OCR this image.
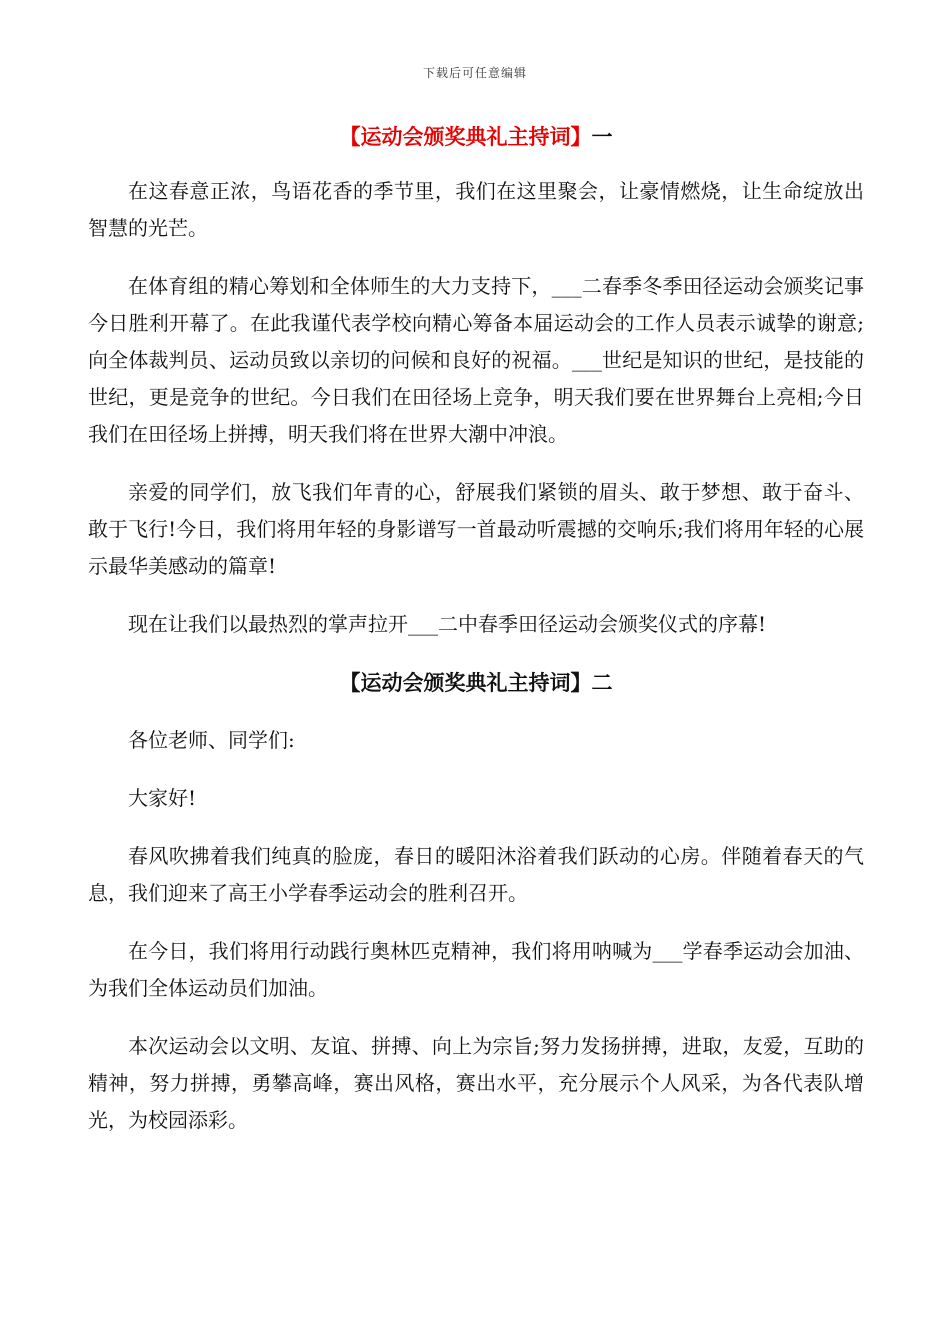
下载后可任意编辑
【运动会颁奖典礼主持词】一

在这春意正浓，鸟语花香的季节里，我们在这里聚会，让豪情燃烧，让生命绽放出智慧的光芒。

在体育组的精心筹划和全体师生的大力支持下，___二春季冬季田径运动会颁奖记事今日胜利开幕了。在此我谨代表学校向精心筹备本届运动会的工作人员表示诚挚的谢意;向全体裁判员、运动员致以亲切的问候和良好的祝福。___世纪是知识的世纪，是技能的世纪，更是竞争的世纪。今日我们在田径场上竞争，明天我们要在世界舞台上亮相;今日我们在田径场上拼搏，明天我们将在世界大潮中冲浪。

亲爱的同学们，放飞我们年青的心，舒展我们紧锁的眉头、敢于梦想、敢于奋斗、敢于飞行!今日，我们将用年轻的身影谱写一首最动听震撼的交响乐;我们将用年轻的心展示最华美感动的篇章!

现在让我们以最热烈的掌声拉开___二中春季田径运动会颁奖仪式的序幕!

【运动会颁奖典礼主持词】二

各位老师、同学们:

大家好!

春风吹拂着我们纯真的脸庞，春日的暖阳沐浴着我们跃动的心房。伴随着春天的气息，我们迎来了高王小学春季运动会的胜利召开。

在今日，我们将用行动践行奥林匹克精神，我们将用呐喊为___学春季运动会加油、为我们全体运动员们加油。

本次运动会以文明、友谊、拼搏、向上为宗旨;努力发扬拼搏，进取，友爱，互助的精神，努力拼搏，勇攀高峰，赛出风格，赛出水平，充分展示个人风采，为各代表队增光，为校园添彩。
